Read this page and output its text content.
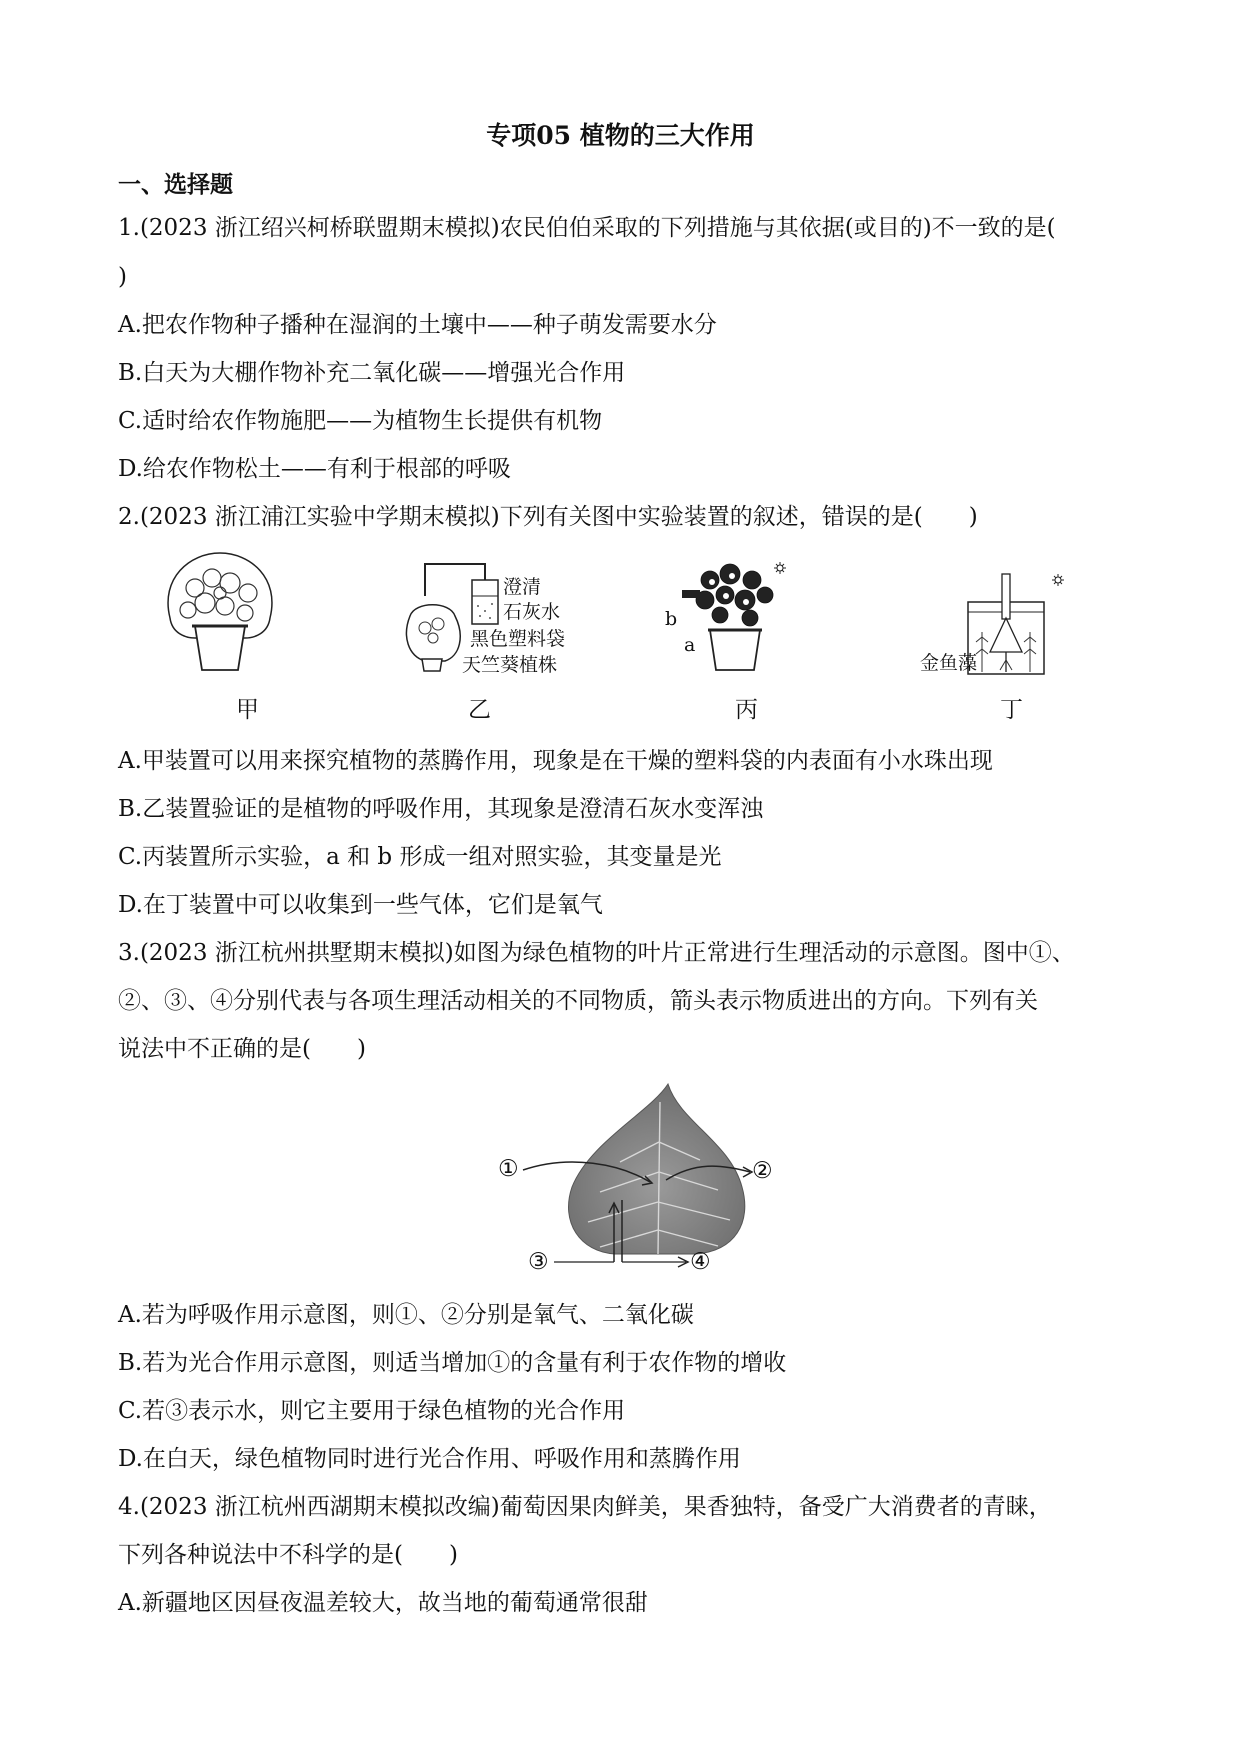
专项05 植物的三大作用
一、选择题
1.(2023 浙江绍兴柯桥联盟期末模拟)农民伯伯采取的下列措施与其依据(或目的)不一致的是(
)
A.把农作物种子播种在湿润的土壤中——种子萌发需要水分
B.白天为大棚作物补充二氧化碳——增强光合作用
C.适时给农作物施肥——为植物生长提供有机物
D.给农作物松土——有利于根部的呼吸
2.(2023 浙江浦江实验中学期末模拟)下列有关图中实验装置的叙述，错误的是(　　)
甲
澄清
石灰水
黑色塑料袋
天竺葵植株
乙
b
a
丙
金鱼藻
丁
A.甲装置可以用来探究植物的蒸腾作用，现象是在干燥的塑料袋的内表面有小水珠出现
B.乙装置验证的是植物的呼吸作用，其现象是澄清石灰水变浑浊
C.丙装置所示实验，a 和 b 形成一组对照实验，其变量是光
D.在丁装置中可以收集到一些气体，它们是氧气
3.(2023 浙江杭州拱墅期末模拟)如图为绿色植物的叶片正常进行生理活动的示意图。图中①、
②、③、④分别代表与各项生理活动相关的不同物质，箭头表示物质进出的方向。下列有关
说法中不正确的是(　　)
①	②
③	④
A.若为呼吸作用示意图，则①、②分别是氧气、二氧化碳
B.若为光合作用示意图，则适当增加①的含量有利于农作物的增收
C.若③表示水，则它主要用于绿色植物的光合作用
D.在白天，绿色植物同时进行光合作用、呼吸作用和蒸腾作用
4.(2023 浙江杭州西湖期末模拟改编)葡萄因果肉鲜美，果香独特，备受广大消费者的青睐，
下列各种说法中不科学的是(　　)
A.新疆地区因昼夜温差较大，故当地的葡萄通常很甜
